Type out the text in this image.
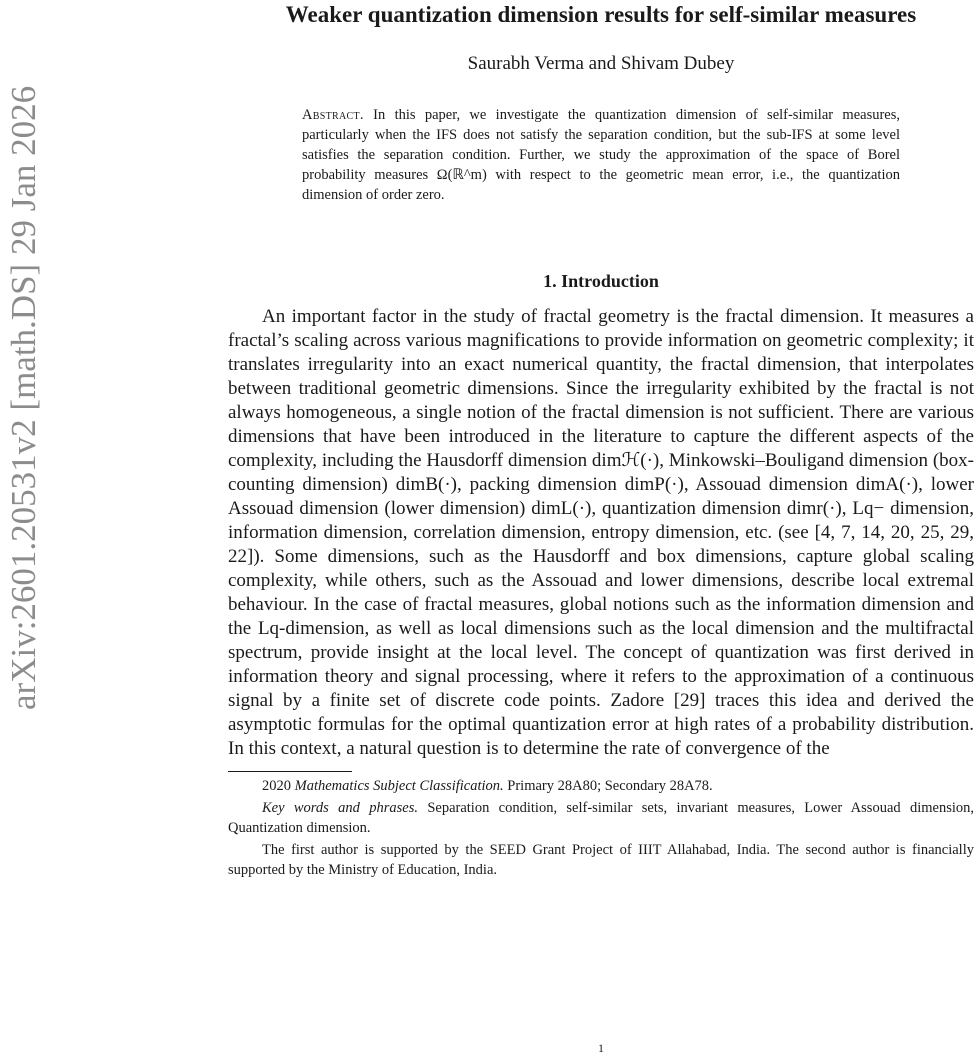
arXiv:2601.20531v2 [math.DS] 29 Jan 2026
Weaker quantization dimension results for self-similar measures
Saurabh Verma and Shivam Dubey
Abstract. In this paper, we investigate the quantization dimension of self-similar measures, particularly when the IFS does not satisfy the separation condition, but the sub-IFS at some level satisfies the separation condition. Further, we study the approximation of the space of Borel probability measures Ω(ℝ^m) with respect to the geometric mean error, i.e., the quantization dimension of order zero.
1. Introduction
An important factor in the study of fractal geometry is the fractal dimension. It measures a fractal’s scaling across various magnifications to provide information on geometric complexity; it translates irregularity into an exact numerical quantity, the fractal dimension, that interpolates between traditional geometric dimensions. Since the irregularity exhibited by the fractal is not always homogeneous, a single notion of the fractal dimension is not sufficient. There are various dimensions that have been introduced in the literature to capture the different aspects of the complexity, including the Hausdorff dimension dimℋ(·), Minkowski–Bouligand dimension (box-counting dimension) dimB(·), packing dimension dimP(·), Assouad dimension dimA(·), lower Assouad dimension (lower dimension) dimL(·), quantization dimension dimr(·), Lq− dimension, information dimension, correlation dimension, entropy dimension, etc. (see [4, 7, 14, 20, 25, 29, 22]). Some dimensions, such as the Hausdorff and box dimensions, capture global scaling complexity, while others, such as the Assouad and lower dimensions, describe local extremal behaviour. In the case of fractal measures, global notions such as the information dimension and the Lq-dimension, as well as local dimensions such as the local dimension and the multifractal spectrum, provide insight at the local level. The concept of quantization was first derived in information theory and signal processing, where it refers to the approximation of a continuous signal by a finite set of discrete code points. Zadore [29] traces this idea and derived the asymptotic formulas for the optimal quantization error at high rates of a probability distribution. In this context, a natural question is to determine the rate of convergence of the
2020 Mathematics Subject Classification. Primary 28A80; Secondary 28A78.
Key words and phrases. Separation condition, self-similar sets, invariant measures, Lower Assouad dimension, Quantization dimension.
The first author is supported by the SEED Grant Project of IIIT Allahabad, India. The second author is financially supported by the Ministry of Education, India.
1
